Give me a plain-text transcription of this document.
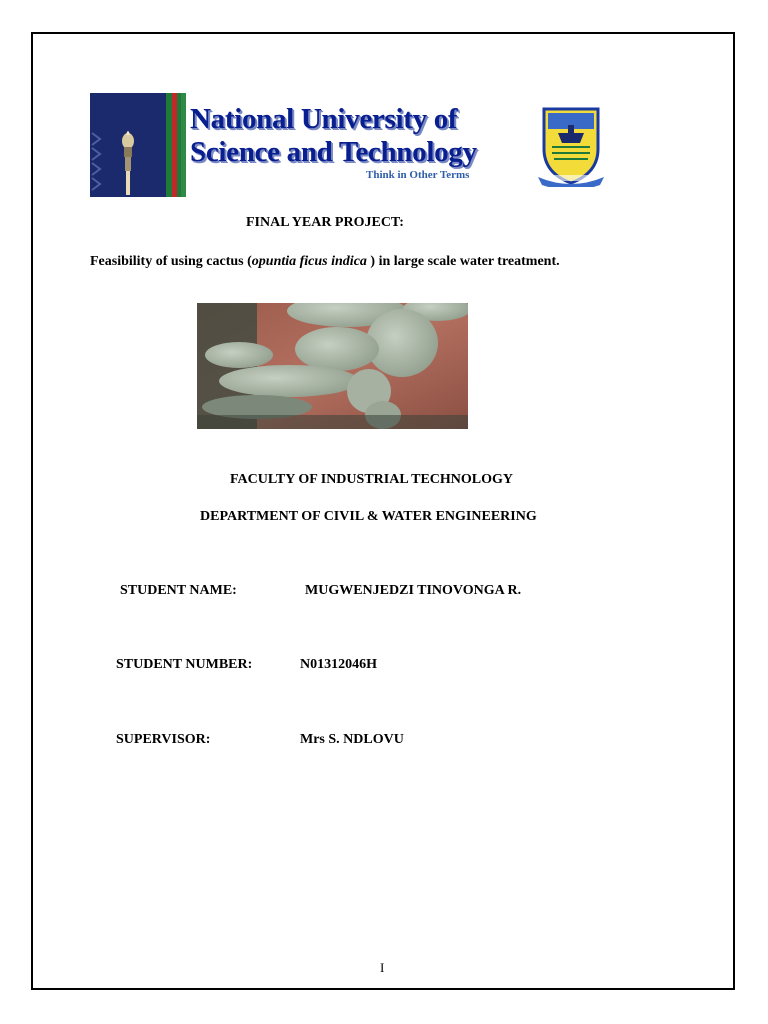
National University of
Science and Technology
Think in Other Terms
FINAL YEAR PROJECT:
Feasibility of using cactus (opuntia ficus indica ) in large scale water treatment.
FACULTY OF INDUSTRIAL TECHNOLOGY
DEPARTMENT OF CIVIL & WATER ENGINEERING
STUDENT NAME:	MUGWENJEDZI TINOVONGA R.
STUDENT NUMBER:	N01312046H
SUPERVISOR:	Mrs S. NDLOVU
I
